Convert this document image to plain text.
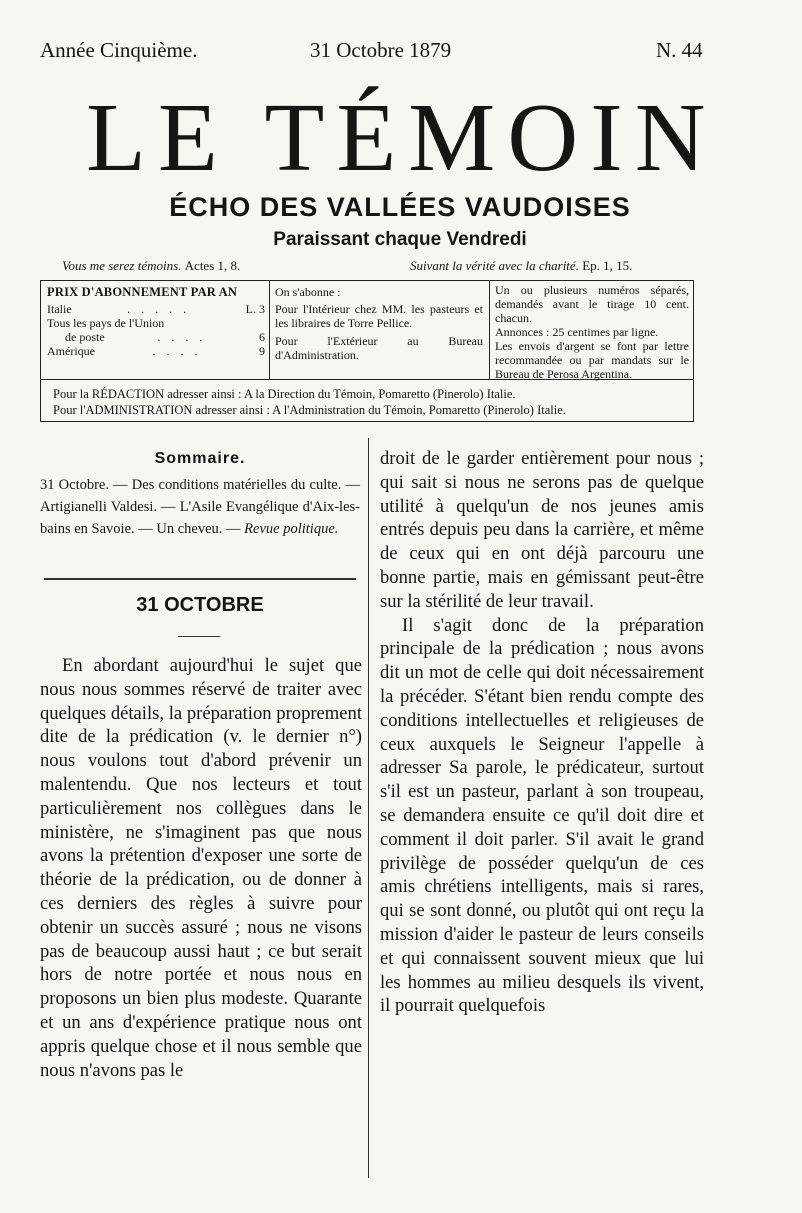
Année Cinquième.	31 Octobre 1879	N. 44
LE TÉMOIN
ÉCHO DES VALLÉES VAUDOISES
Paraissant chaque Vendredi
Vous me serez témoins. Actes 1, 8.	Suivant la vérité avec la charité. Ep. 1, 15.
PRIX D'ABONNEMENT PAR AN
Italie	. . . . .	L. 3
Tous les pays de l'Union
de poste	. . . .	6
Amérique	. . . .	9
On s'abonne :
Pour l'Intérieur chez MM. les pasteurs et les libraires de Torre Pellice.
Pour l'Extérieur au Bureau d'Administration.
Un ou plusieurs numéros séparés, demandés avant le tirage 10 cent. chacun.
Annonces : 25 centimes par ligne.
Les envois d'argent se font par lettre recommandée ou par mandats sur le Bureau de Perosa Argentina.
Pour la RÉDACTION adresser ainsi : A la Direction du Témoin, Pomaretto (Pinerolo) Italie.
Pour l'ADMINISTRATION adresser ainsi : A l'Administration du Témoin, Pomaretto (Pinerolo) Italie.
Sommaire.
31 Octobre. — Des conditions matérielles du culte. — Artigianelli Valdesi. — L'Asile Evangélique d'Aix-les-bains en Savoie. — Un cheveu. — Revue politique.
31 OCTOBRE

En abordant aujourd'hui le sujet que nous nous sommes réservé de traiter avec quelques détails, la préparation proprement dite de la prédication (v. le dernier n°) nous voulons tout d'abord prévenir un malentendu. Que nos lecteurs et tout particulièrement nos collègues dans le ministère, ne s'imaginent pas que nous avons la prétention d'exposer une sorte de théorie de la prédication, ou de donner à ces derniers des règles à suivre pour obtenir un succès assuré ; nous ne visons pas de beaucoup aussi haut ; ce but serait hors de notre portée et nous nous en proposons un bien plus modeste. Quarante et un ans d'expérience pratique nous ont appris quelque chose et il nous semble que nous n'avons pas le

droit de le garder entièrement pour nous ; qui sait si nous ne serons pas de quelque utilité à quelqu'un de nos jeunes amis entrés depuis peu dans la carrière, et même de ceux qui en ont déjà parcouru une bonne partie, mais en gémissant peut-être sur la stérilité de leur travail.

Il s'agit donc de la préparation principale de la prédication ; nous avons dit un mot de celle qui doit nécessairement la précéder. S'étant bien rendu compte des conditions intellectuelles et religieuses de ceux auxquels le Seigneur l'appelle à adresser Sa parole, le prédicateur, surtout s'il est un pasteur, parlant à son troupeau, se demandera ensuite ce qu'il doit dire et comment il doit parler. S'il avait le grand privilège de posséder quelqu'un de ces amis chrétiens intelligents, mais si rares, qui se sont donné, ou plutôt qui ont reçu la mission d'aider le pasteur de leurs conseils et qui connaissent souvent mieux que lui les hommes au milieu desquels ils vivent, il pourrait quelquefois
